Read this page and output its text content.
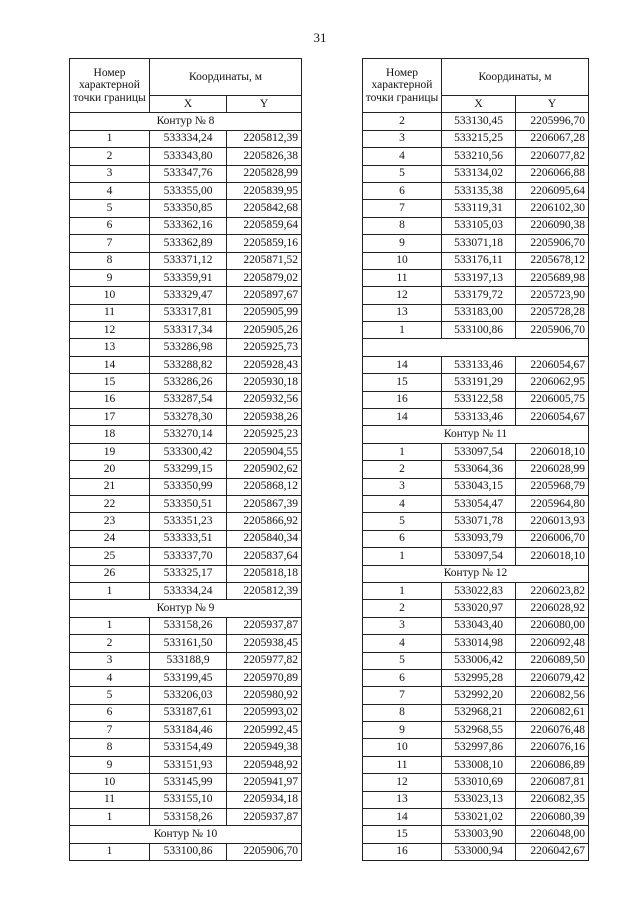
31
Номер характерной точки границы	Координаты, м	
	X	Y
Контур № 8		
1	533334,24	2205812,39
2	533343,80	2205826,38
3	533347,76	2205828,99
4	533355,00	2205839,95
5	533350,85	2205842,68
6	533362,16	2205859,64
7	533362,89	2205859,16
8	533371,12	2205871,52
9	533359,91	2205879,02
10	533329,47	2205897,67
11	533317,81	2205905,99
12	533317,34	2205905,26
13	533286,98	2205925,73
14	533288,82	2205928,43
15	533286,26	2205930,18
16	533287,54	2205932,56
17	533278,30	2205938,26
18	533270,14	2205925,23
19	533300,42	2205904,55
20	533299,15	2205902,62
21	533350,99	2205868,12
22	533350,51	2205867,39
23	533351,23	2205866,92
24	533333,51	2205840,34
25	533337,70	2205837,64
26	533325,17	2205818,18
1	533334,24	2205812,39
Контур № 9		
1	533158,26	2205937,87
2	533161,50	2205938,45
3	533188,9	2205977,82
4	533199,45	2205970,89
5	533206,03	2205980,92
6	533187,61	2205993,02
7	533184,46	2205992,45
8	533154,49	2205949,38
9	533151,93	2205948,92
10	533145,99	2205941,97
11	533155,10	2205934,18
1	533158,26	2205937,87
Контур № 10		
1	533100,86	2205906,70
Номер характерной точки границы	Координаты, м	
	X	Y
2	533130,45	2205996,70
3	533215,25	2206067,28
4	533210,56	2206077,82
5	533134,02	2206066,88
6	533135,38	2206095,64
7	533119,31	2206102,30
8	533105,03	2206090,38
9	533071,18	2205906,70
10	533176,11	2205678,12
11	533197,13	2205689,98
12	533179,72	2205723,90
13	533183,00	2205728,28
1	533100,86	2205906,70

14	533133,46	2206054,67
15	533191,29	2206062,95
16	533122,58	2206005,75
14	533133,46	2206054,67
Контур № 11		
1	533097,54	2206018,10
2	533064,36	2206028,99
3	533043,15	2205968,79
4	533054,47	2205964,80
5	533071,78	2206013,93
6	533093,79	2206006,70
1	533097,54	2206018,10
Контур № 12		
1	533022,83	2206023,82
2	533020,97	2206028,92
3	533043,40	2206080,00
4	533014,98	2206092,48
5	533006,42	2206089,50
6	532995,28	2206079,42
7	532992,20	2206082,56
8	532968,21	2206082,61
9	532968,55	2206076,48
10	532997,86	2206076,16
11	533008,10	2206086,89
12	533010,69	2206087,81
13	533023,13	2206082,35
14	533021,02	2206080,39
15	533003,90	2206048,00
16	533000,94	2206042,67
